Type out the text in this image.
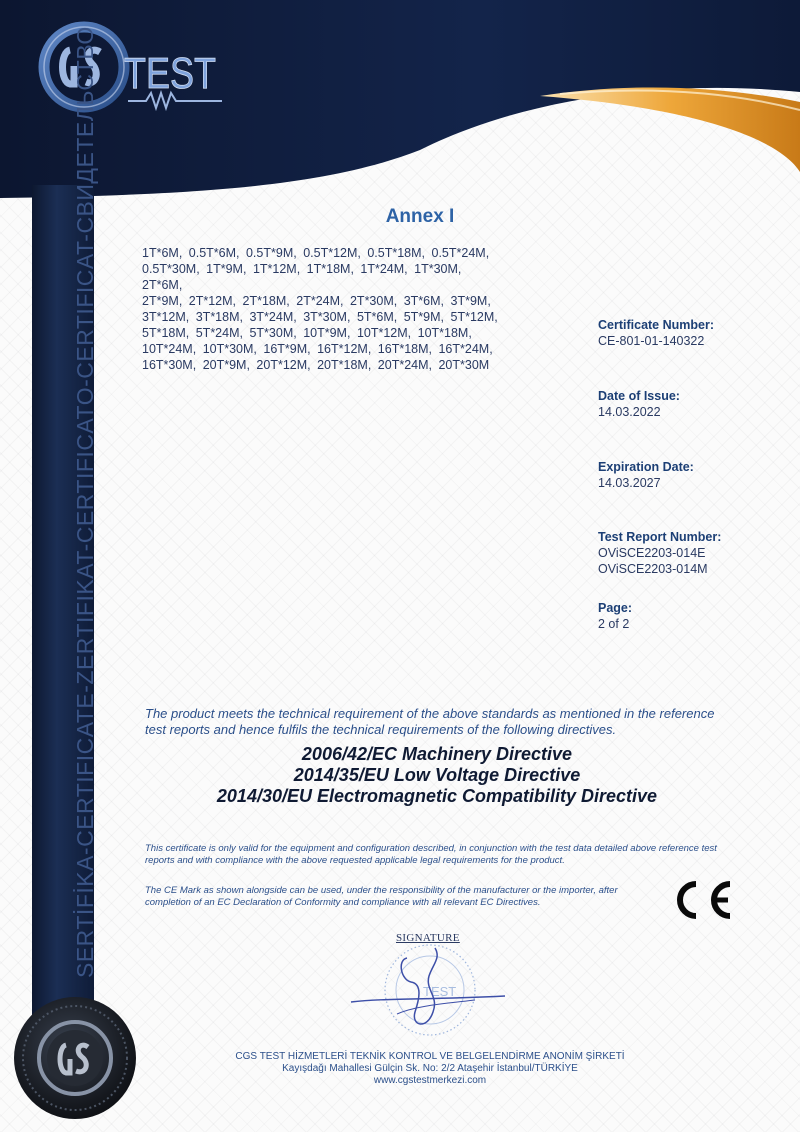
TEST
SERTİFİKA-CERTIFICATE-ZERTIFIKAT-CERTIFICATO-CERTIFICAT-СВИДЕТЕЛЬСТВО	Annex I
1T*6M, 0.5T*6M, 0.5T*9M, 0.5T*12M, 0.5T*18M, 0.5T*24M,
0.5T*30M, 1T*9M, 1T*12M, 1T*18M, 1T*24M, 1T*30M, 2T*6M,
2T*9M, 2T*12M, 2T*18M, 2T*24M, 2T*30M, 3T*6M, 3T*9M,
3T*12M, 3T*18M, 3T*24M, 3T*30M, 5T*6M, 5T*9M, 5T*12M,
5T*18M, 5T*24M, 5T*30M, 10T*9M, 10T*12M, 10T*18M,
10T*24M, 10T*30M, 16T*9M, 16T*12M, 16T*18M, 16T*24M,
16T*30M, 20T*9M, 20T*12M, 20T*18M, 20T*24M, 20T*30M
Certificate Number:
CE-801-01-140322
Date of Issue:
14.03.2022
Expiration Date:
14.03.2027
Test Report Number:
OViSCE2203-014E
OViSCE2203-014M
Page:
2 of 2
The product meets the technical requirement of the above standards as mentioned in the reference test reports and hence fulfils the technical requirements of the following directives.
2006/42/EC Machinery Directive
2014/35/EU Low Voltage Directive
2014/30/EU Electromagnetic Compatibility Directive
This certificate is only valid for the equipment and configuration described, in conjunction with the test data detailed above reference test reports and with compliance with the above requested applicable legal requirements for the product.
The CE Mark as shown alongside can be used, under the responsibility of the manufacturer or the importer, after completion of an EC Declaration of Conformity and compliance with all relevant EC Directives.
SIGNATURE
TEST
CGS TEST HİZMETLERİ TEKNİK KONTROL VE BELGELENDİRME ANONİM ŞİRKETİ
Kayışdağı Mahallesi Gülçin Sk. No: 2/2 Ataşehir İstanbul/TÜRKİYE
www.cgstestmerkezi.com
